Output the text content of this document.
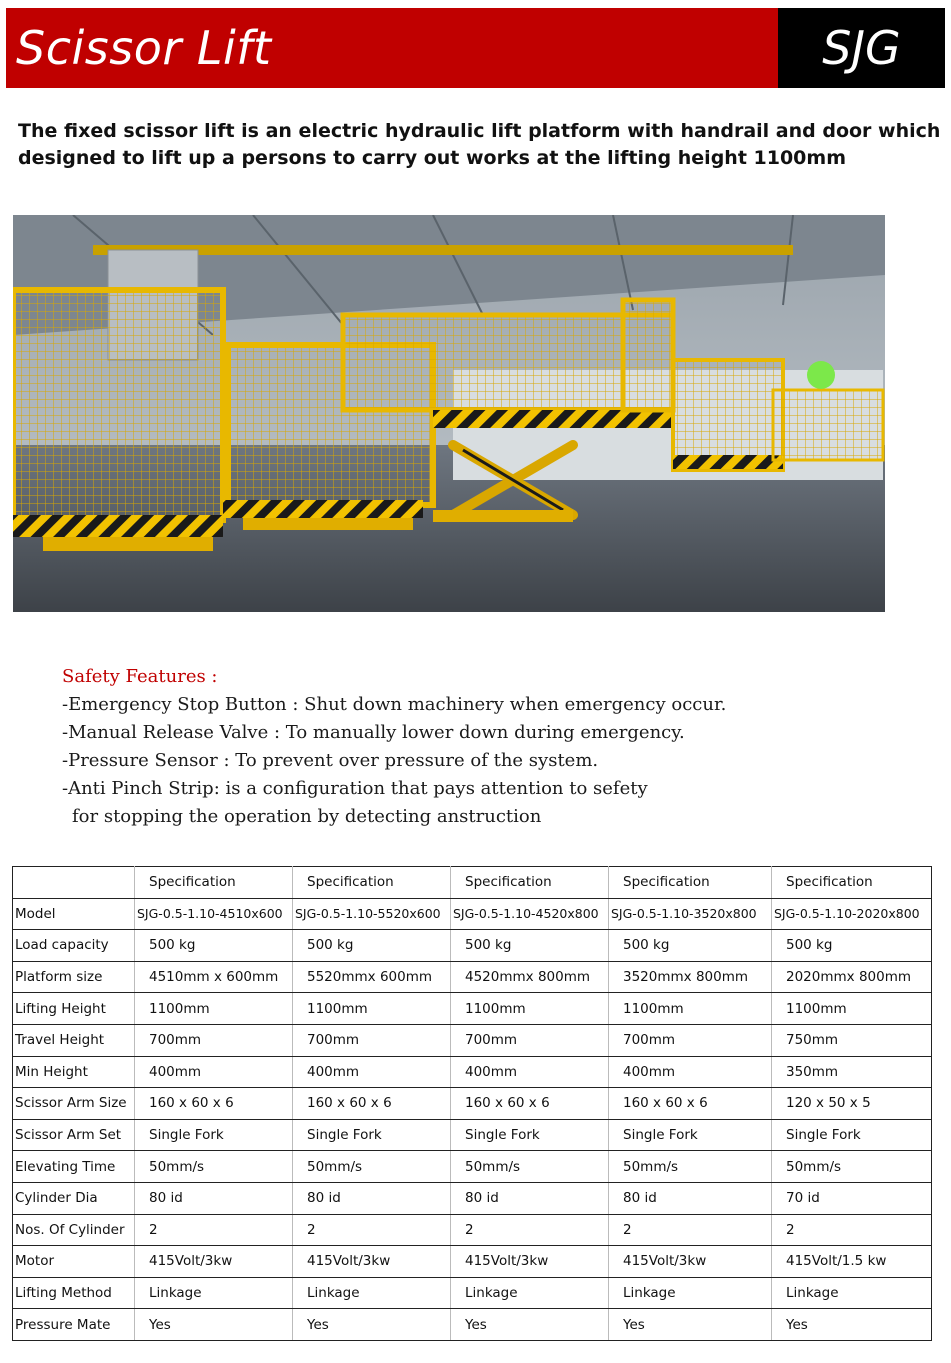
Scissor Lift	SJG
The fixed scissor lift is an electric hydraulic lift platform with handrail and door which designed to lift up a persons to carry out works at the lifting height 1100mm
Safety Features :
-Emergency Stop Button : Shut down machinery when emergency occur.
-Manual Release Valve : To manually lower down during emergency.
-Pressure Sensor : To prevent over pressure of the system.
-Anti Pinch Strip: is a configuration that pays attention to sefety
for stopping the operation by detecting anstruction
	Specification	Specification	Specification	Specification	Specification
Model	SJG-0.5-1.10-4510x600	SJG-0.5-1.10-5520x600	SJG-0.5-1.10-4520x800	SJG-0.5-1.10-3520x800	SJG-0.5-1.10-2020x800
Load capacity	500 kg	500 kg	500 kg	500 kg	500 kg
Platform size	4510mm x 600mm	5520mmx 600mm	4520mmx 800mm	3520mmx 800mm	2020mmx 800mm
Lifting Height	1100mm	1100mm	1100mm	1100mm	1100mm
Travel Height	700mm	700mm	700mm	700mm	750mm
Min Height	400mm	400mm	400mm	400mm	350mm
Scissor Arm Size	160 x 60 x 6	160 x 60 x 6	160 x 60 x 6	160 x 60 x 6	120 x 50 x 5
Scissor Arm Set	Single Fork	Single Fork	Single Fork	Single Fork	Single Fork
Elevating Time	50mm/s	50mm/s	50mm/s	50mm/s	50mm/s
Cylinder Dia	80 id	80 id	80 id	80 id	70 id
Nos. Of Cylinder	2	2	2	2	2
Motor	415Volt/3kw	415Volt/3kw	415Volt/3kw	415Volt/3kw	415Volt/1.5 kw
Lifting Method	Linkage	Linkage	Linkage	Linkage	Linkage
Pressure Mate	Yes	Yes	Yes	Yes	Yes
